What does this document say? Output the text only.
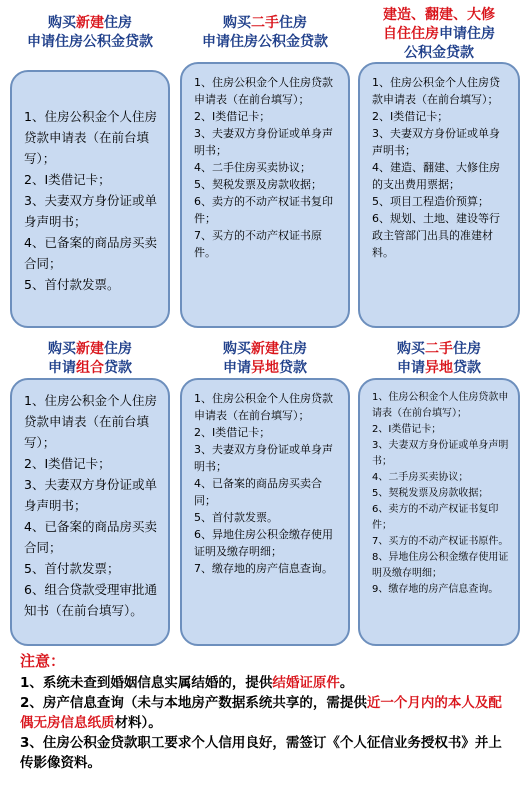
购买新建住房
申请住房公积金贷款
1、住房公积金个人住房贷款申请表（在前台填写）；
2、I类借记卡；
3、夫妻双方身份证或单身声明书；
4、已备案的商品房买卖合同；
5、首付款发票。
购买二手住房
申请住房公积金贷款
1、住房公积金个人住房贷款申请表（在前台填写）；
2、I类借记卡；
3、夫妻双方身份证或单身声明书；
4、二手住房买卖协议；
5、契税发票及房款收据；
6、卖方的不动产权证书复印件；
7、买方的不动产权证书原件。
建造、翻建、大修
自住住房申请住房
公积金贷款
1、住房公积金个人住房贷款申请表（在前台填写）；
2、I类借记卡；
3、夫妻双方身份证或单身声明书；
4、建造、翻建、大修住房的支出费用票据；
5、项目工程造价预算；
6、规划、土地、建设等行政主管部门出具的准建材料。
购买新建住房
申请组合贷款
1、住房公积金个人住房贷款申请表（在前台填写）；
2、I类借记卡；
3、夫妻双方身份证或单身声明书；
4、已备案的商品房买卖合同；
5、首付款发票；
6、组合贷款受理审批通知书（在前台填写）。
购买新建住房
申请异地贷款
1、住房公积金个人住房贷款申请表（在前台填写）；
2、I类借记卡；
3、夫妻双方身份证或单身声明书；
4、已备案的商品房买卖合同；
5、首付款发票。
6、异地住房公积金缴存使用证明及缴存明细；
7、缴存地的房产信息查询。
购买二手住房
申请异地贷款
1、住房公积金个人住房贷款申请表（在前台填写）；
2、I类借记卡；
3、夫妻双方身份证或单身声明书；
4、二手房买卖协议；
5、契税发票及房款收据；
6、卖方的不动产权证书复印件；
7、买方的不动产权证书原件。
8、异地住房公积金缴存使用证明及缴存明细；
9、缴存地的房产信息查询。
注意：
1、系统未查到婚姻信息实属结婚的，提供结婚证原件。
2、房产信息查询（未与本地房产数据系统共享的，需提供近一个月内的本人及配偶无房信息纸质材料）。
3、住房公积金贷款职工要求个人信用良好，需签订《个人征信业务授权书》并上传影像资料。
